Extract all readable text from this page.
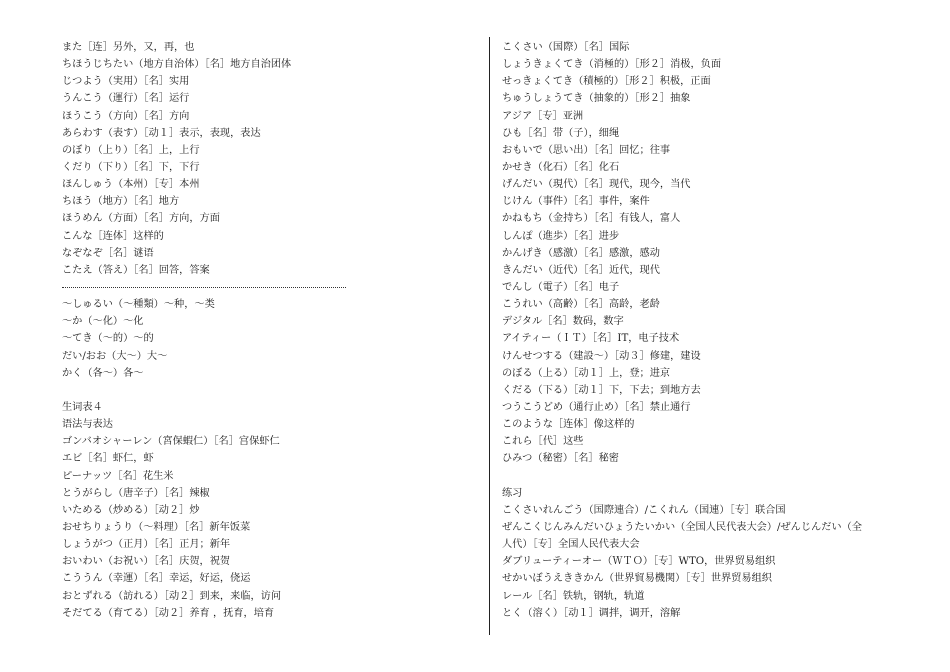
また［连］另外，又，再，也
ちほうじちたい（地方自治体）［名］地方自治团体
じつよう（実用）［名］实用
うんこう（運行）［名］运行
ほうこう（方向）［名］方向
あらわす（表す）［动１］表示，表现，表达
のぼり（上り）［名］上，上行
くだり（下り）［名］下，下行
ほんしゅう（本州）［专］本州
ちほう（地方）［名］地方
ほうめん（方面）［名］方向，方面
こんな［连体］这样的
なぞなぞ［名］谜语
こたえ（答え）［名］回答，答案
～しゅるい（～種類）～种，～类
～か（～化）～化
～てき（～的）～的
だい/おお（大～）大～
かく（各～）各～
生词表４
语法与表达
ゴンバオシャーレン（宮保蝦仁）［名］宫保虾仁
エビ［名］虾仁，虾
ピーナッツ［名］花生米
とうがらし（唐辛子）［名］辣椒
いためる（炒める）［动２］炒
おせちりょうり（～料理）［名］新年饭菜
しょうがつ（正月）［名］正月；新年
おいわい（お祝い）［名］庆贺，祝贺
こううん（幸運）［名］幸运，好运，侥运
おとずれる（訪れる）［动２］到来，来临，访问
そだてる（育てる）［动２］养育 ，抚育，培育
こくさい（国際）［名］国际
しょうきょくてき（消極的）［形２］消极，负面
せっきょくてき（積極的）［形２］积极，正面
ちゅうしょうてき（抽象的）［形２］抽象
アジア［专］亚洲
ひも［名］带（子），细绳
おもいで（思い出）［名］回忆；往事
かせき（化石）［名］化石
げんだい（現代）［名］现代，现今，当代
じけん（事件）［名］事件，案件
かねもち（金持ち）［名］有钱人，富人
しんぽ（進歩）［名］进步
かんげき（感激）［名］感激，感动
きんだい（近代）［名］近代，现代
でんし（電子）［名］电子
こうれい（高齢）［名］高龄，老龄
デジタル［名］数码，数字
アイティー（ＩＴ）［名］IT，电子技术
けんせつする（建設～）［动３］修建，建设
のぼる（上る）［动１］上，登；进京
くだる（下る）［动１］下，下去；到地方去
つうこうどめ（通行止め）［名］禁止通行
このような［连体］像这样的
これら［代］这些
ひみつ（秘密）［名］秘密
练习
こくさいれんごう（国際連合）/こくれん（国連）［专］联合国
ぜんこくじんみんだいひょうたいかい（全国人民代表大会）/ぜんじんだい（全
人代）［专］全国人民代表大会
ダブリューティーオー（ＷＴＯ）［专］WTO，世界贸易组织
せかいぼうえききかん（世界貿易機関）［专］世界贸易组织
レール［名］铁轨，钢轨，轨道
とく（溶く）［动１］调拌，调开，溶解
